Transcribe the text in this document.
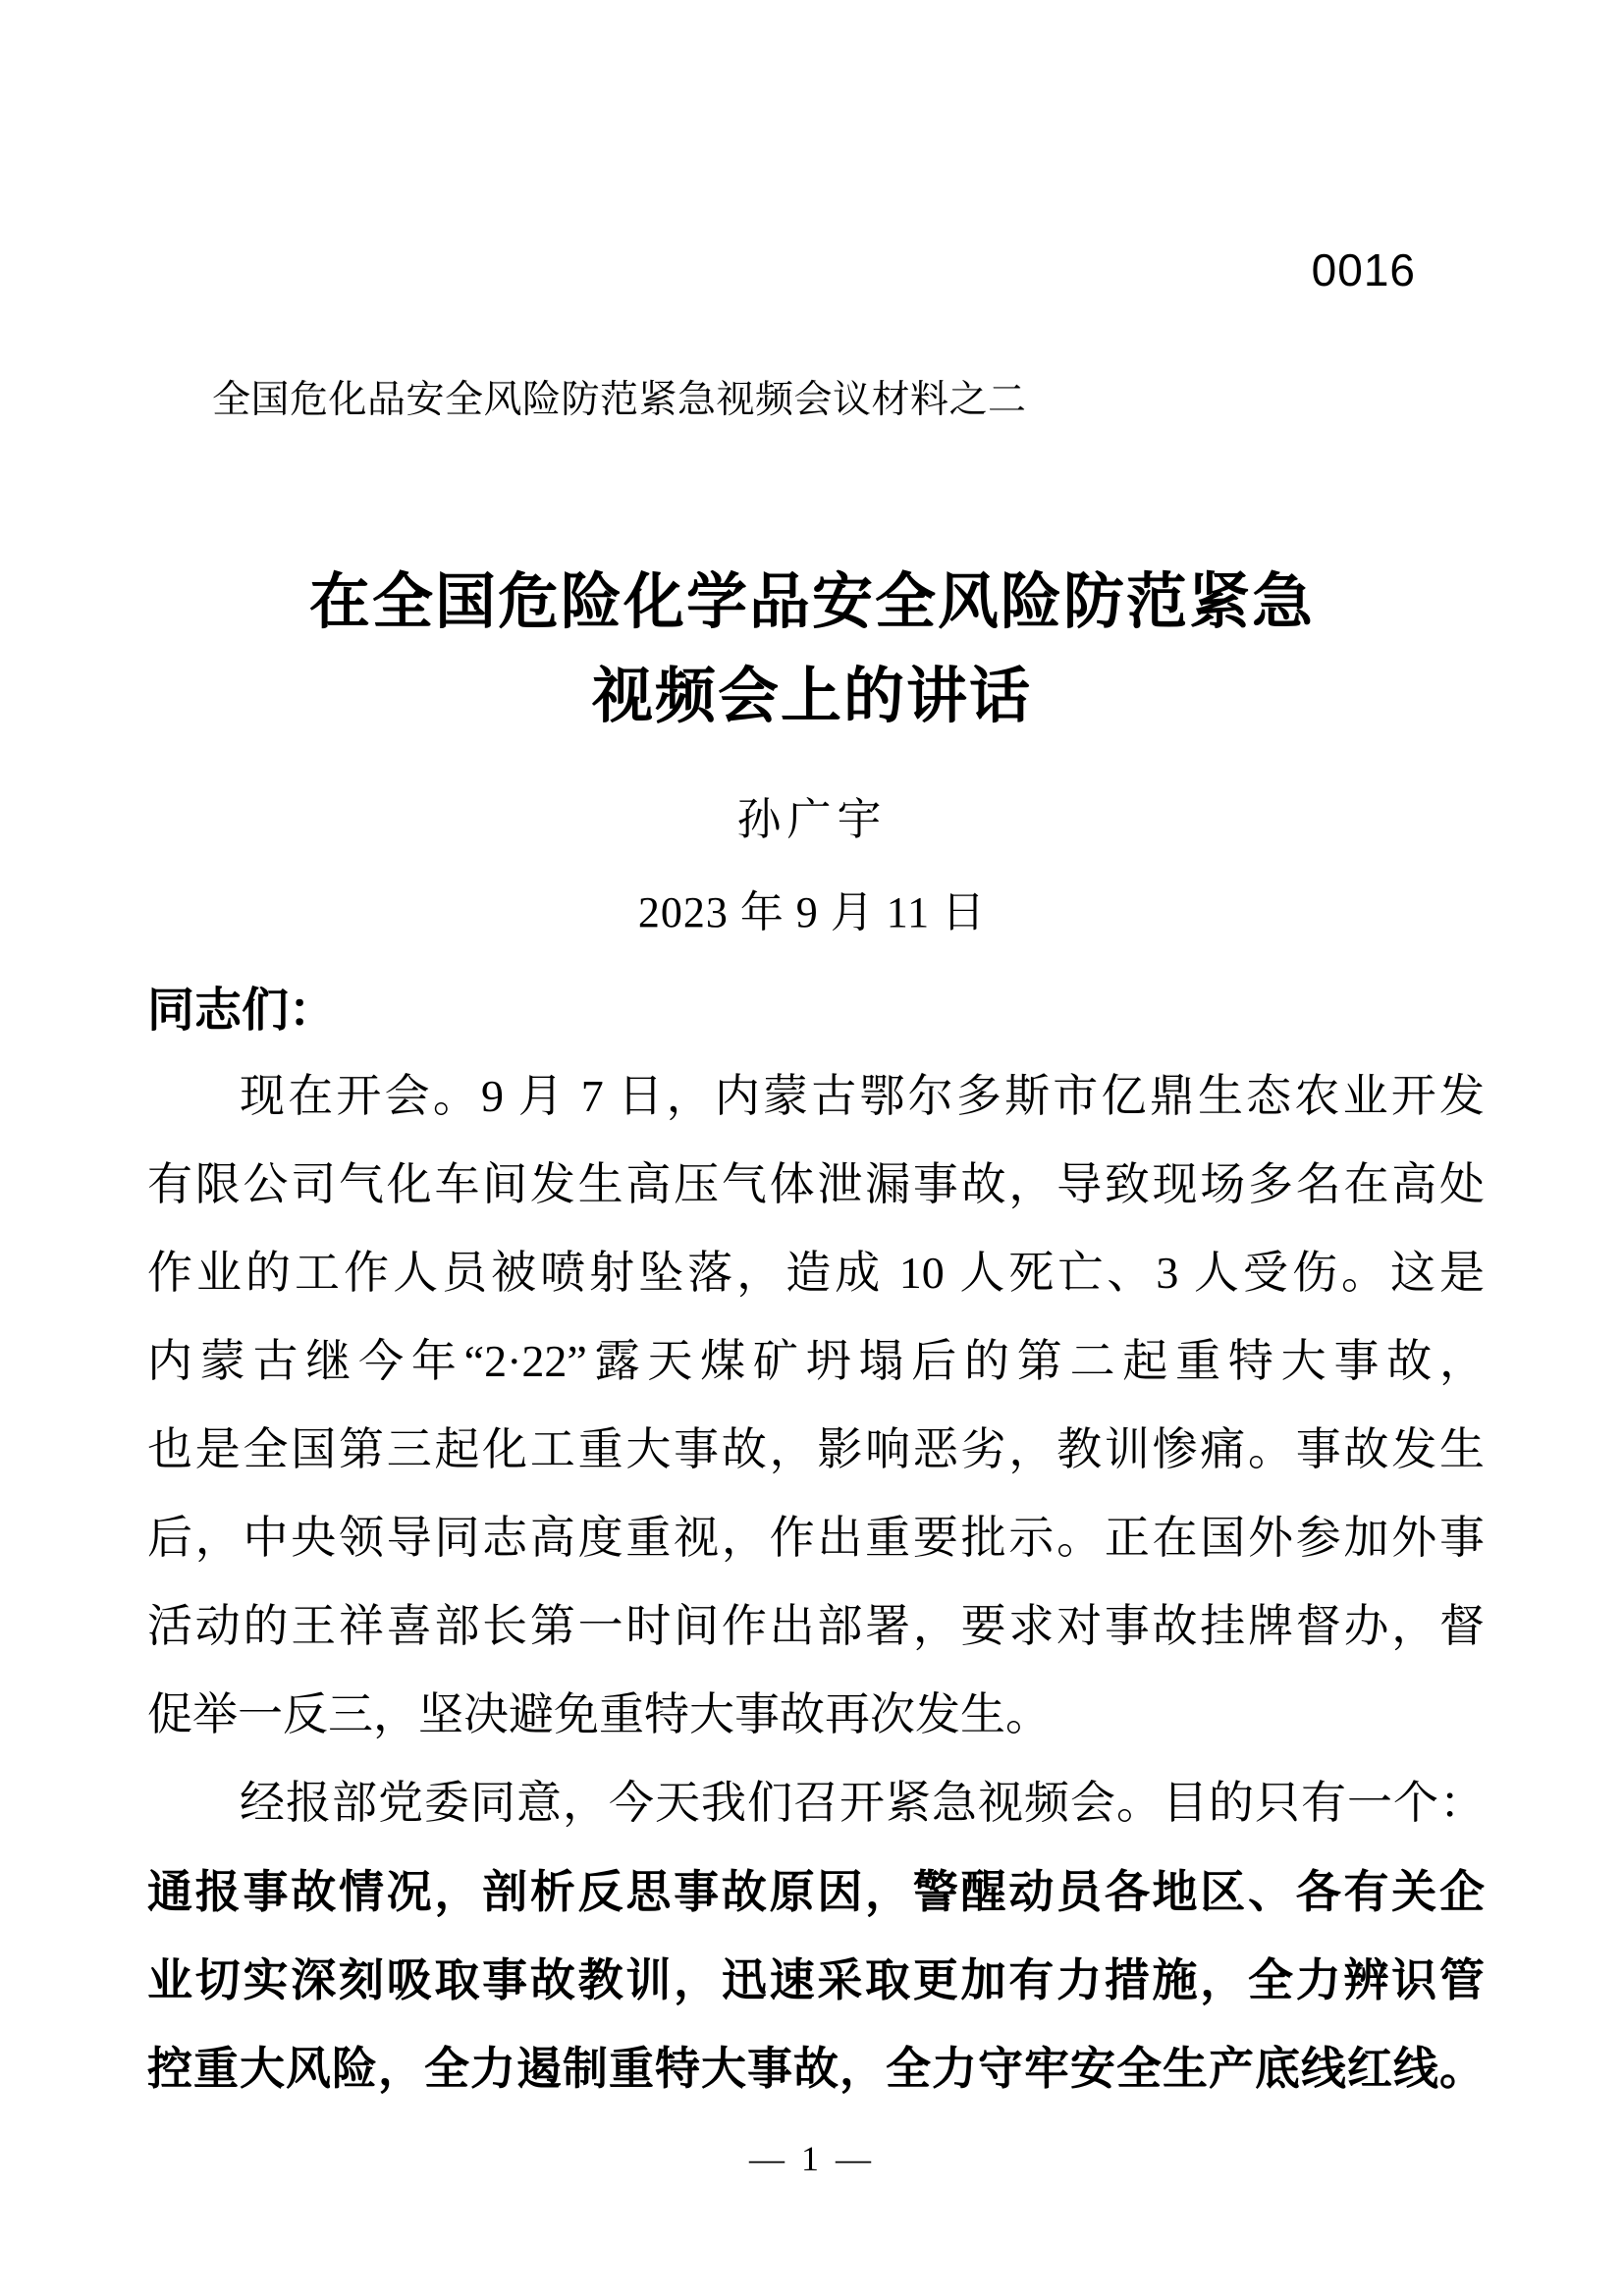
0016
全国危化品安全风险防范紧急视频会议材料之二
在全国危险化学品安全风险防范紧急
视频会上的讲话
孙广宇
2023 年 9 月 11 日
同志们：
现在开会。9 月 7 日，内蒙古鄂尔多斯市亿鼎生态农业开发
有限公司气化车间发生高压气体泄漏事故，导致现场多名在高处
作业的工作人员被喷射坠落，造成 10 人死亡、3 人受伤。这是
内蒙古继今年“2·22”露天煤矿坍塌后的第二起重特大事故，
也是全国第三起化工重大事故，影响恶劣，教训惨痛。事故发生
后，中央领导同志高度重视，作出重要批示。正在国外参加外事
活动的王祥喜部长第一时间作出部署，要求对事故挂牌督办，督
促举一反三，坚决避免重特大事故再次发生。
经报部党委同意，今天我们召开紧急视频会。目的只有一个：
通报事故情况，剖析反思事故原因，警醒动员各地区、各有关企
业切实深刻吸取事故教训，迅速采取更加有力措施，全力辨识管
控重大风险，全力遏制重特大事故，全力守牢安全生产底线红线。
— 1 —
